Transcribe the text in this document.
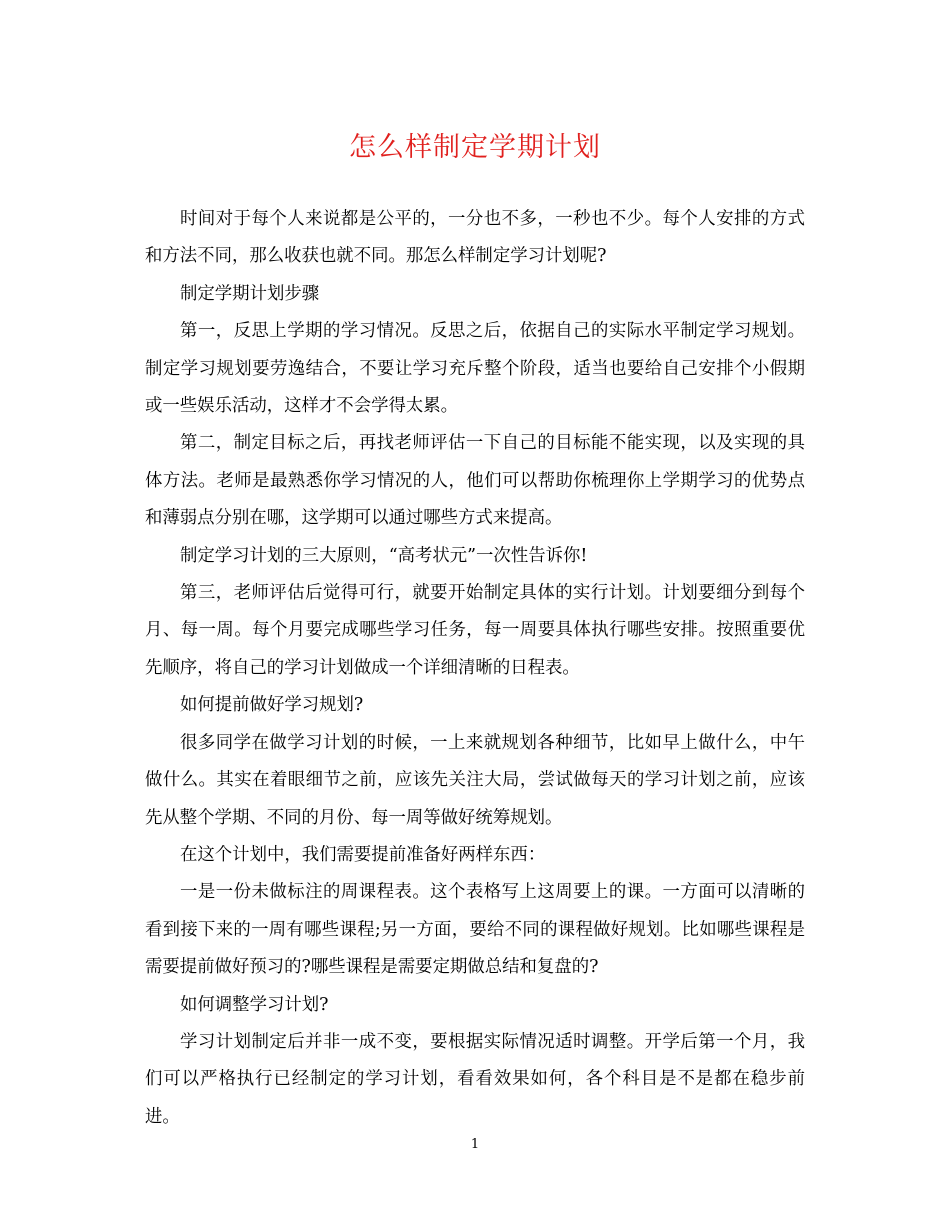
怎么样制定学期计划

时间对于每个人来说都是公平的，一分也不多，一秒也不少。每个人安排的方式和方法不同，那么收获也就不同。那怎么样制定学习计划呢?

制定学期计划步骤

第一，反思上学期的学习情况。反思之后，依据自己的实际水平制定学习规划。制定学习规划要劳逸结合，不要让学习充斥整个阶段，适当也要给自己安排个小假期或一些娱乐活动，这样才不会学得太累。

第二，制定目标之后，再找老师评估一下自己的目标能不能实现，以及实现的具体方法。老师是最熟悉你学习情况的人，他们可以帮助你梳理你上学期学习的优势点和薄弱点分别在哪，这学期可以通过哪些方式来提高。

制定学习计划的三大原则，“高考状元”一次性告诉你!

第三，老师评估后觉得可行，就要开始制定具体的实行计划。计划要细分到每个月、每一周。每个月要完成哪些学习任务，每一周要具体执行哪些安排。按照重要优先顺序，将自己的学习计划做成一个详细清晰的日程表。

如何提前做好学习规划?

很多同学在做学习计划的时候，一上来就规划各种细节，比如早上做什么，中午做什么。其实在着眼细节之前，应该先关注大局，尝试做每天的学习计划之前，应该先从整个学期、不同的月份、每一周等做好统筹规划。

在这个计划中，我们需要提前准备好两样东西：

一是一份未做标注的周课程表。这个表格写上这周要上的课。一方面可以清晰的看到接下来的一周有哪些课程;另一方面，要给不同的课程做好规划。比如哪些课程是需要提前做好预习的?哪些课程是需要定期做总结和复盘的?

如何调整学习计划?

学习计划制定后并非一成不变，要根据实际情况适时调整。开学后第一个月，我们可以严格执行已经制定的学习计划，看看效果如何，各个科目是不是都在稳步前进。

1
